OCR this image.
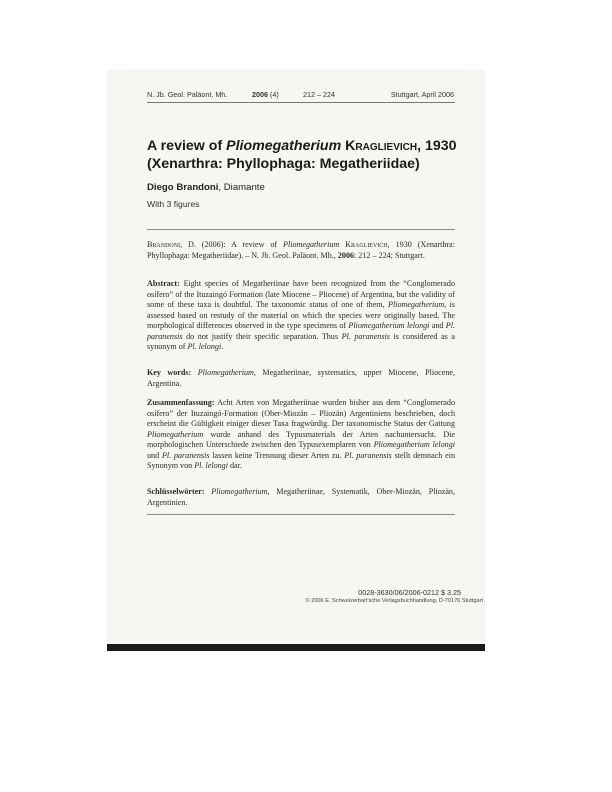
N. Jb. Geol. Paläont. Mh.	2006 (4)	212 – 224	Stuttgart, April 2006
A review of Pliomegatherium Kraglievich, 1930
(Xenarthra: Phyllophaga: Megatheriidae)
Diego Brandoni, Diamante
With 3 figures
Brandoni, D. (2006): A review of Pliomegatherium Kraglievich, 1930 (Xenarthra: Phyllophaga: Megatheriidae). – N. Jb. Geol. Paläont. Mh., 2006: 212 – 224; Stuttgart.
Abstract: Eight species of Megatheriinae have been recognized from the “Conglomerado osífero” of the Ituzaingó Formation (late Miocene – Pliocene) of Argentina, but the validity of some of these taxa is doubtful. The taxonomic status of one of them, Pliomegatherium, is assessed based on restudy of the material on which the species were originally based. The morphological differences observed in the type specimens of Pliomegatherium lelongi and Pl. paranensis do not justify their specific separation. Thus Pl. paranensis is considered as a synonym of Pl. lelongi.
Key words: Pliomegatherium, Megatheriinae, systematics, upper Miocene, Pliocene, Argentina.
Zusammenfassung: Acht Arten von Megatheriinae wurden bisher aus dem “Conglomerado osífero” der Ituzaingó-Formation (Ober-Miozän – Pliozän) Argentiniens beschrieben, doch erscheint die Gültigkeit einiger dieser Taxa fragwürdig. Der taxonomische Status der Gattung Pliomegatherium wurde anhand des Typusmaterials der Arten nachuntersucht. Die morphologischen Unterschiede zwischen den Typusexemplaren von Pliomegatherium lelongi und Pl. paranensis lassen keine Trennung dieser Arten zu. Pl. paranensis stellt demnach ein Synonym von Pl. lelongi dar.
Schlüsselwörter: Pliomegatherium, Megatheriinae, Systematik, Ober-Miozän, Pliozän, Argentinien.
0028-3630/06/2006-0212 $ 3.25
© 2006 E. Schweizerbart'sche Verlagsbuchhandlung, D-70176 Stuttgart
